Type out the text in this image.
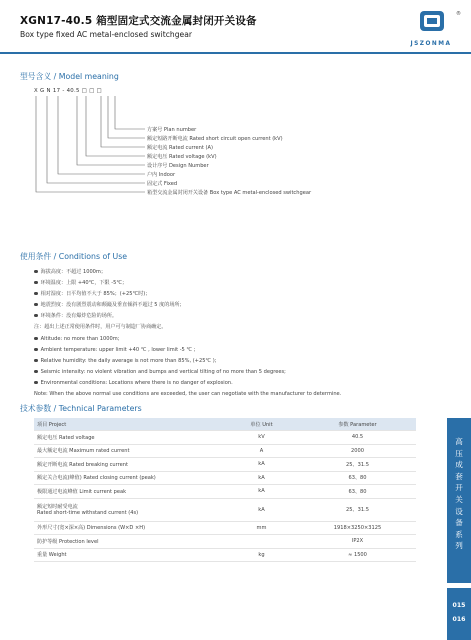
XGN17-40.5 箱型固定式交流金属封闭开关设备
Box type fixed AC metal-enclosed switchgear
®
JSZONMA
型号含义 / Model meaning
X G N 17 - 40.5 □ □ □
方案号 Plan number
额定短路开断电流 Rated short circuit open current (kV)
额定电流 Rated current (A)
额定电压 Rated voltage (kV)
设计序号 Design Number
户内 Indoor
固定式 Fixed
箱型交流金属封闭开关设备 Box type AC metal-enclosed switchgear
使用条件 / Conditions of Use
海拔高度：不超过 1000m；
环境温度：上限 +40℃，下限 -5℃；
相对湿度：日平均值不大于 85%；(+25℃时)；
地震烈度：没有剧烈震动和颠簸及垂直倾斜不超过 5 度的场所；
环境条件：没有爆炸危险的场所。
注：超出上述正常使用条件时，用户可与制造厂协商确定。
Altitude: no more than 1000m;
Ambient temperature: upper limit +40 ℃ , lower limit -5 ℃ ;
Relative humidity: the daily average is not more than 85%, (+25℃ );
Seismic intensity: no violent vibration and bumps and vertical tilting of no more than 5 degrees;
Environmental conditions: Locations where there is no danger of explosion.
Note: When the above normal use conditions are exceeded, the user can negotiate with the manufacturer to determine.
技术参数 / Technical Parameters
项目 Project	单位 Unit	参数 Parameter
额定电压 Rated voltage	kV	40.5
最大额定电流 Maximum rated current	A	2000
额定开断电流 Rated breaking current	kA	25、31.5
额定关合电流(峰值) Rated closing current (peak)	kA	63、80
极限通过电流峰值 Limit current peak	kA	63、80

额定短时耐受电流
Rated short-time withstand current (4s)	kA	25、31.5
外形尺寸(宽×深×高) Dimensions (W×D ×H)	mm	1918×3250×3125
防护等级 Protection level		IP2X
重量 Weight	kg	≈ 1500
高
压
成
套
开
关
设
备
系
列
015
016
